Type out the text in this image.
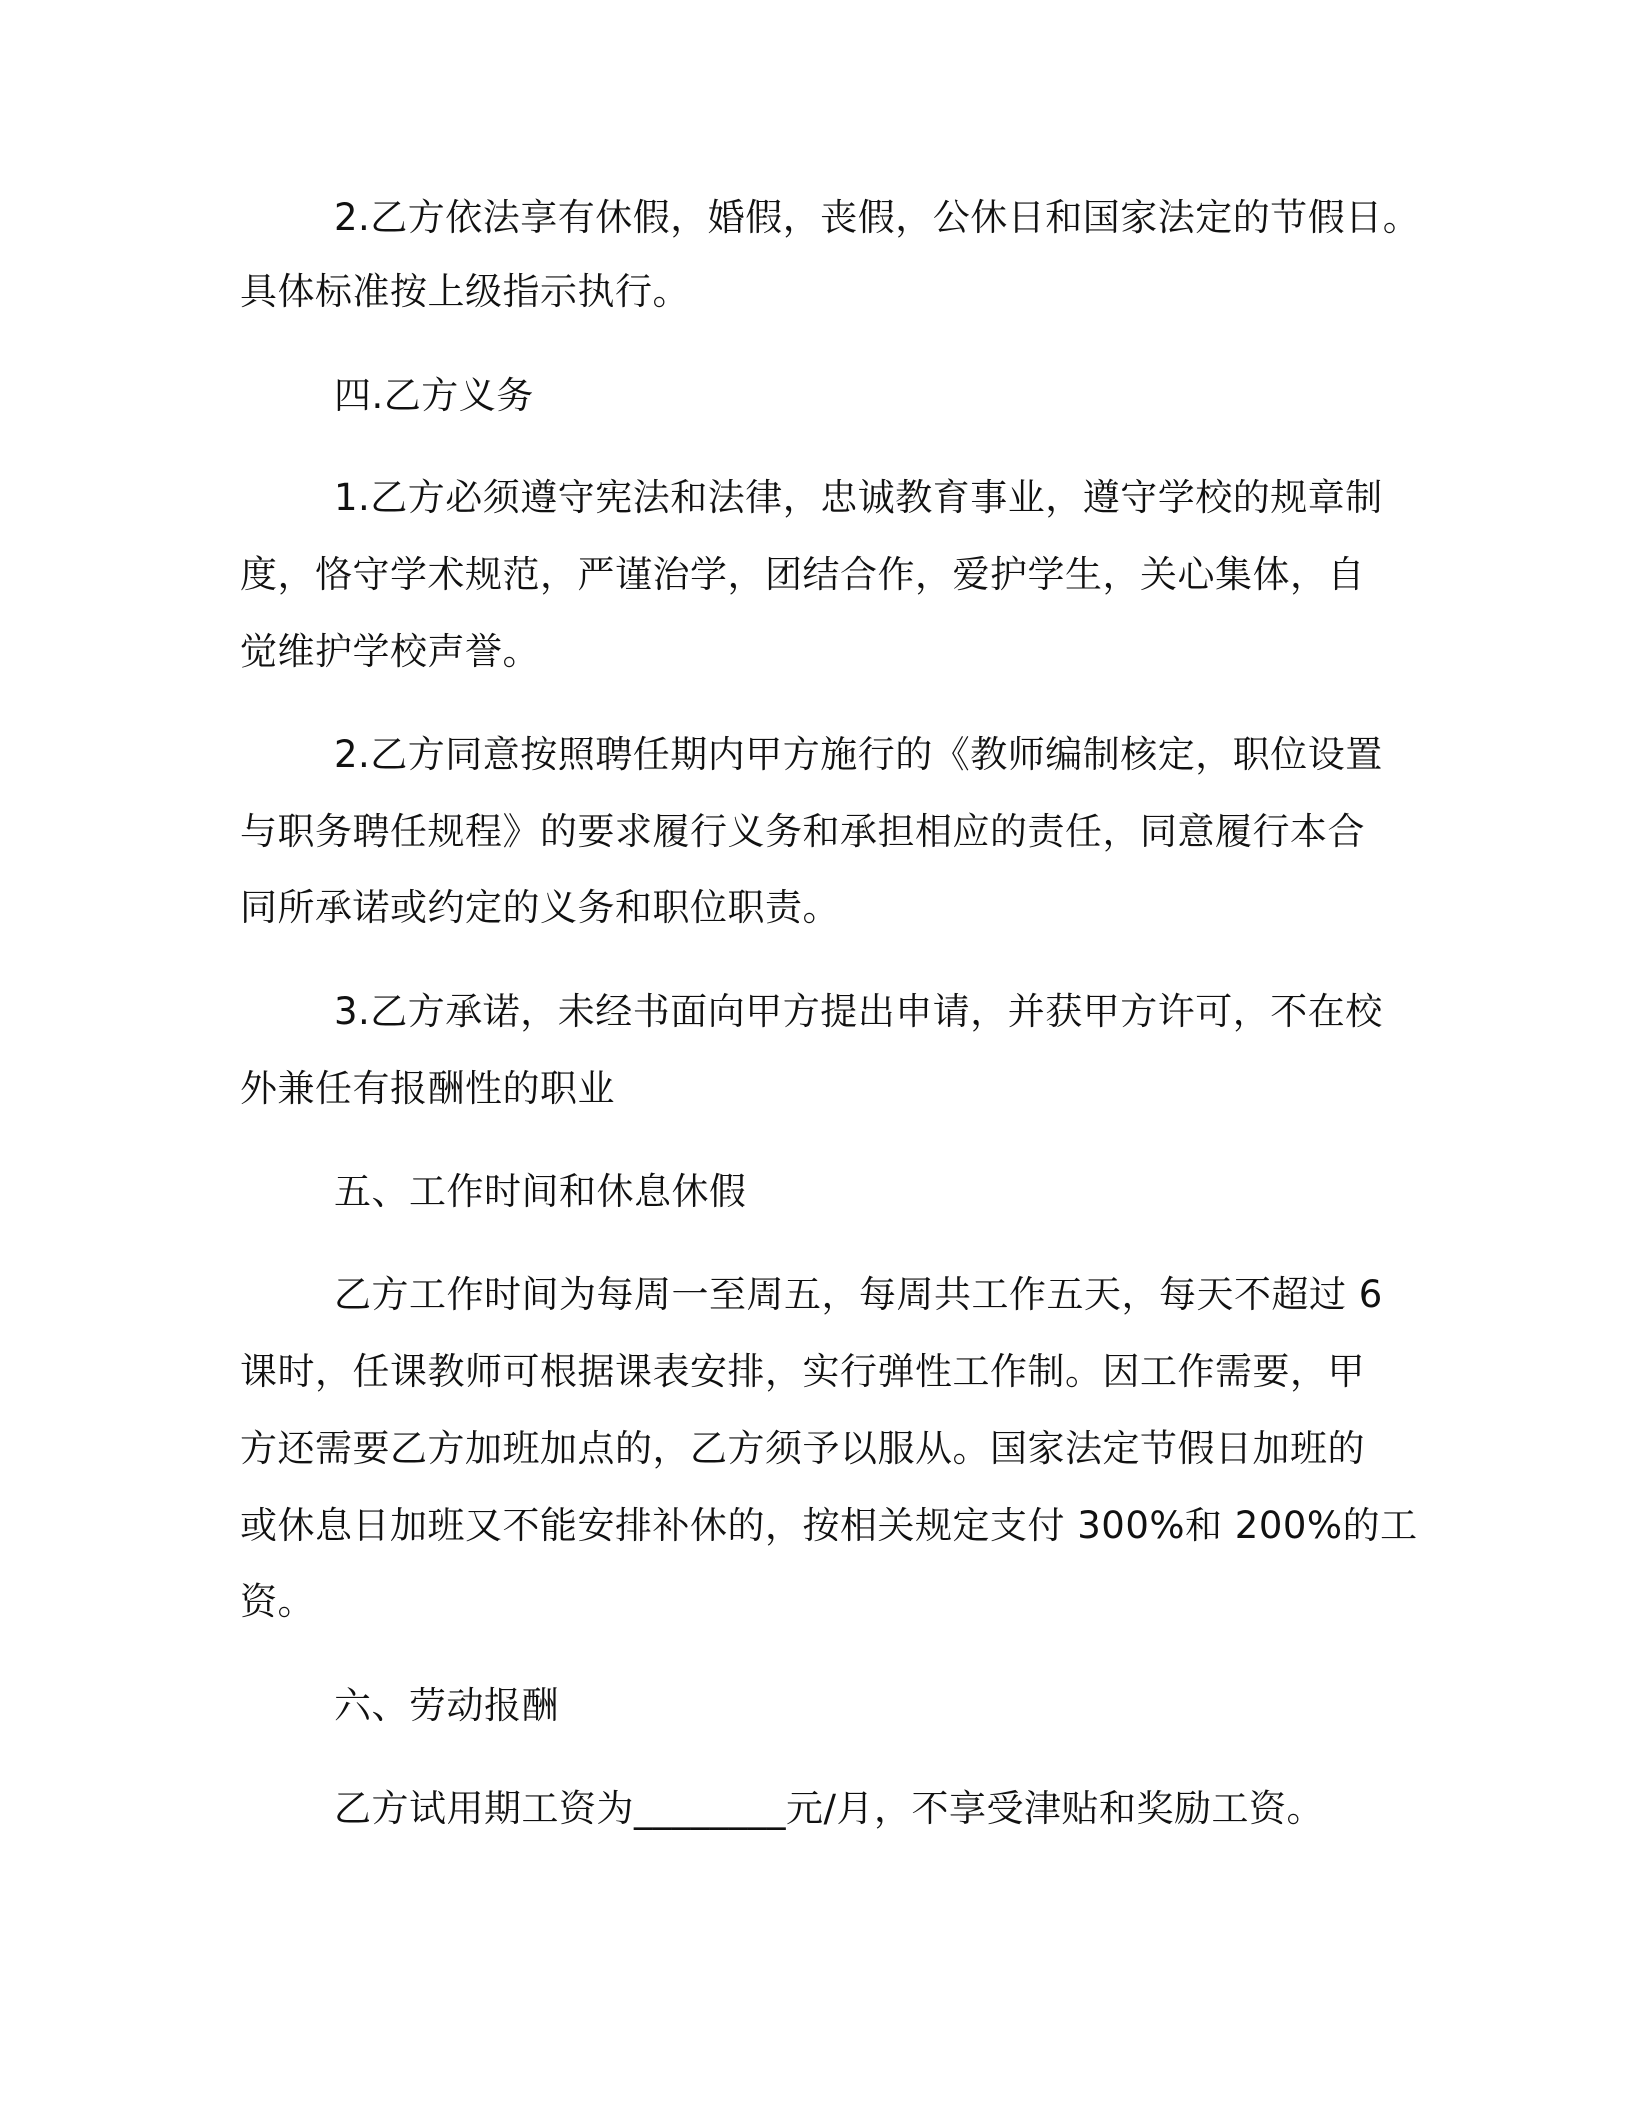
2.乙方依法享有休假，婚假，丧假，公休日和国家法定的节假日。
具体标准按上级指示执行。
四.乙方义务
1.乙方必须遵守宪法和法律，忠诚教育事业，遵守学校的规章制
度，恪守学术规范，严谨治学，团结合作，爱护学生，关心集体，自
觉维护学校声誉。
2.乙方同意按照聘任期内甲方施行的《教师编制核定，职位设置
与职务聘任规程》的要求履行义务和承担相应的责任，同意履行本合
同所承诺或约定的义务和职位职责。
3.乙方承诺，未经书面向甲方提出申请，并获甲方许可，不在校
外兼任有报酬性的职业
五、工作时间和休息休假
乙方工作时间为每周一至周五，每周共工作五天，每天不超过 6
课时，任课教师可根据课表安排，实行弹性工作制。因工作需要，甲
方还需要乙方加班加点的，乙方须予以服从。国家法定节假日加班的
或休息日加班又不能安排补休的，按相关规定支付 300%和 200%的工
资。
六、劳动报酬
乙方试用期工资为________元/月，不享受津贴和奖励工资。
